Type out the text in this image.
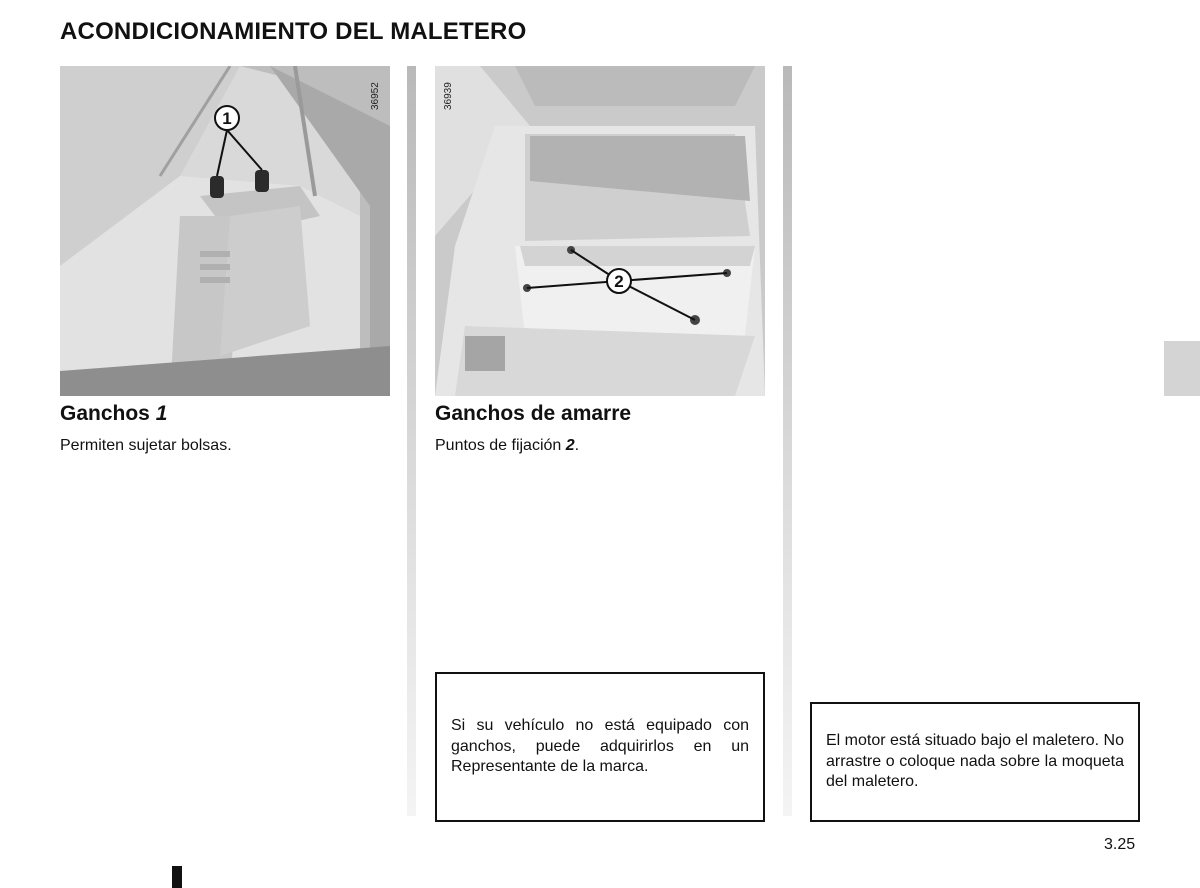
ACONDICIONAMIENTO DEL MALETERO
1
36952
2
36939
Ganchos 1
Permiten sujetar bolsas.
Ganchos de amarre
Puntos de fijación 2.

Si su vehículo no está equipado con ganchos, puede adquirirlos en un Representante de la marca.

El motor está situado bajo el maletero. No arrastre o coloque nada sobre la moqueta del maletero.

3.25
